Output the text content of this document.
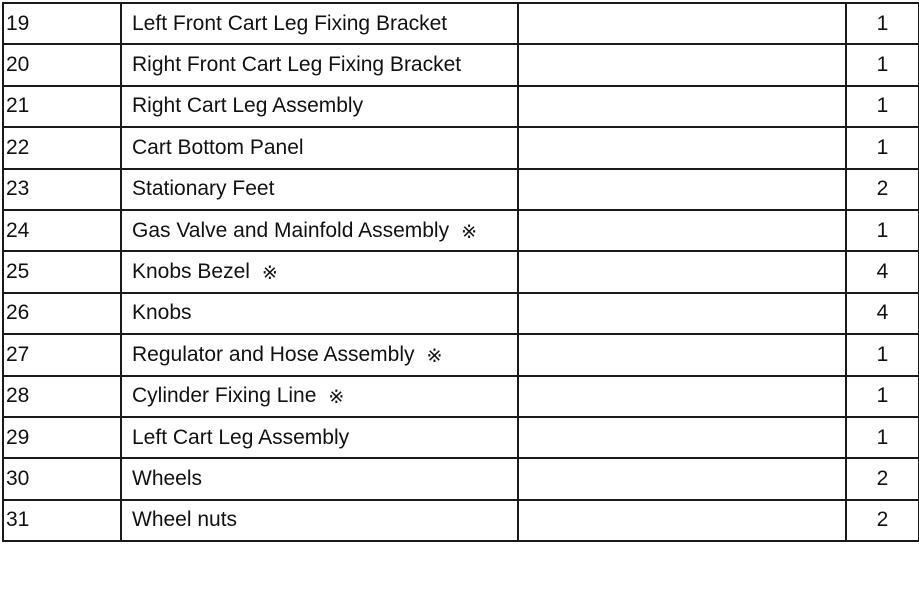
19	Left Front Cart Leg Fixing Bracket		1
20	Right Front Cart Leg Fixing Bracket		1
21	Right Cart Leg Assembly		1
22	Cart Bottom Panel		1
23	Stationary Feet		2
24	Gas Valve and Mainfold Assembly ※		1
25	Knobs Bezel ※		4
26	Knobs		4
27	Regulator and Hose Assembly ※		1
28	Cylinder Fixing Line ※		1
29	Left Cart Leg Assembly		1
30	Wheels		2
31	Wheel nuts		2
